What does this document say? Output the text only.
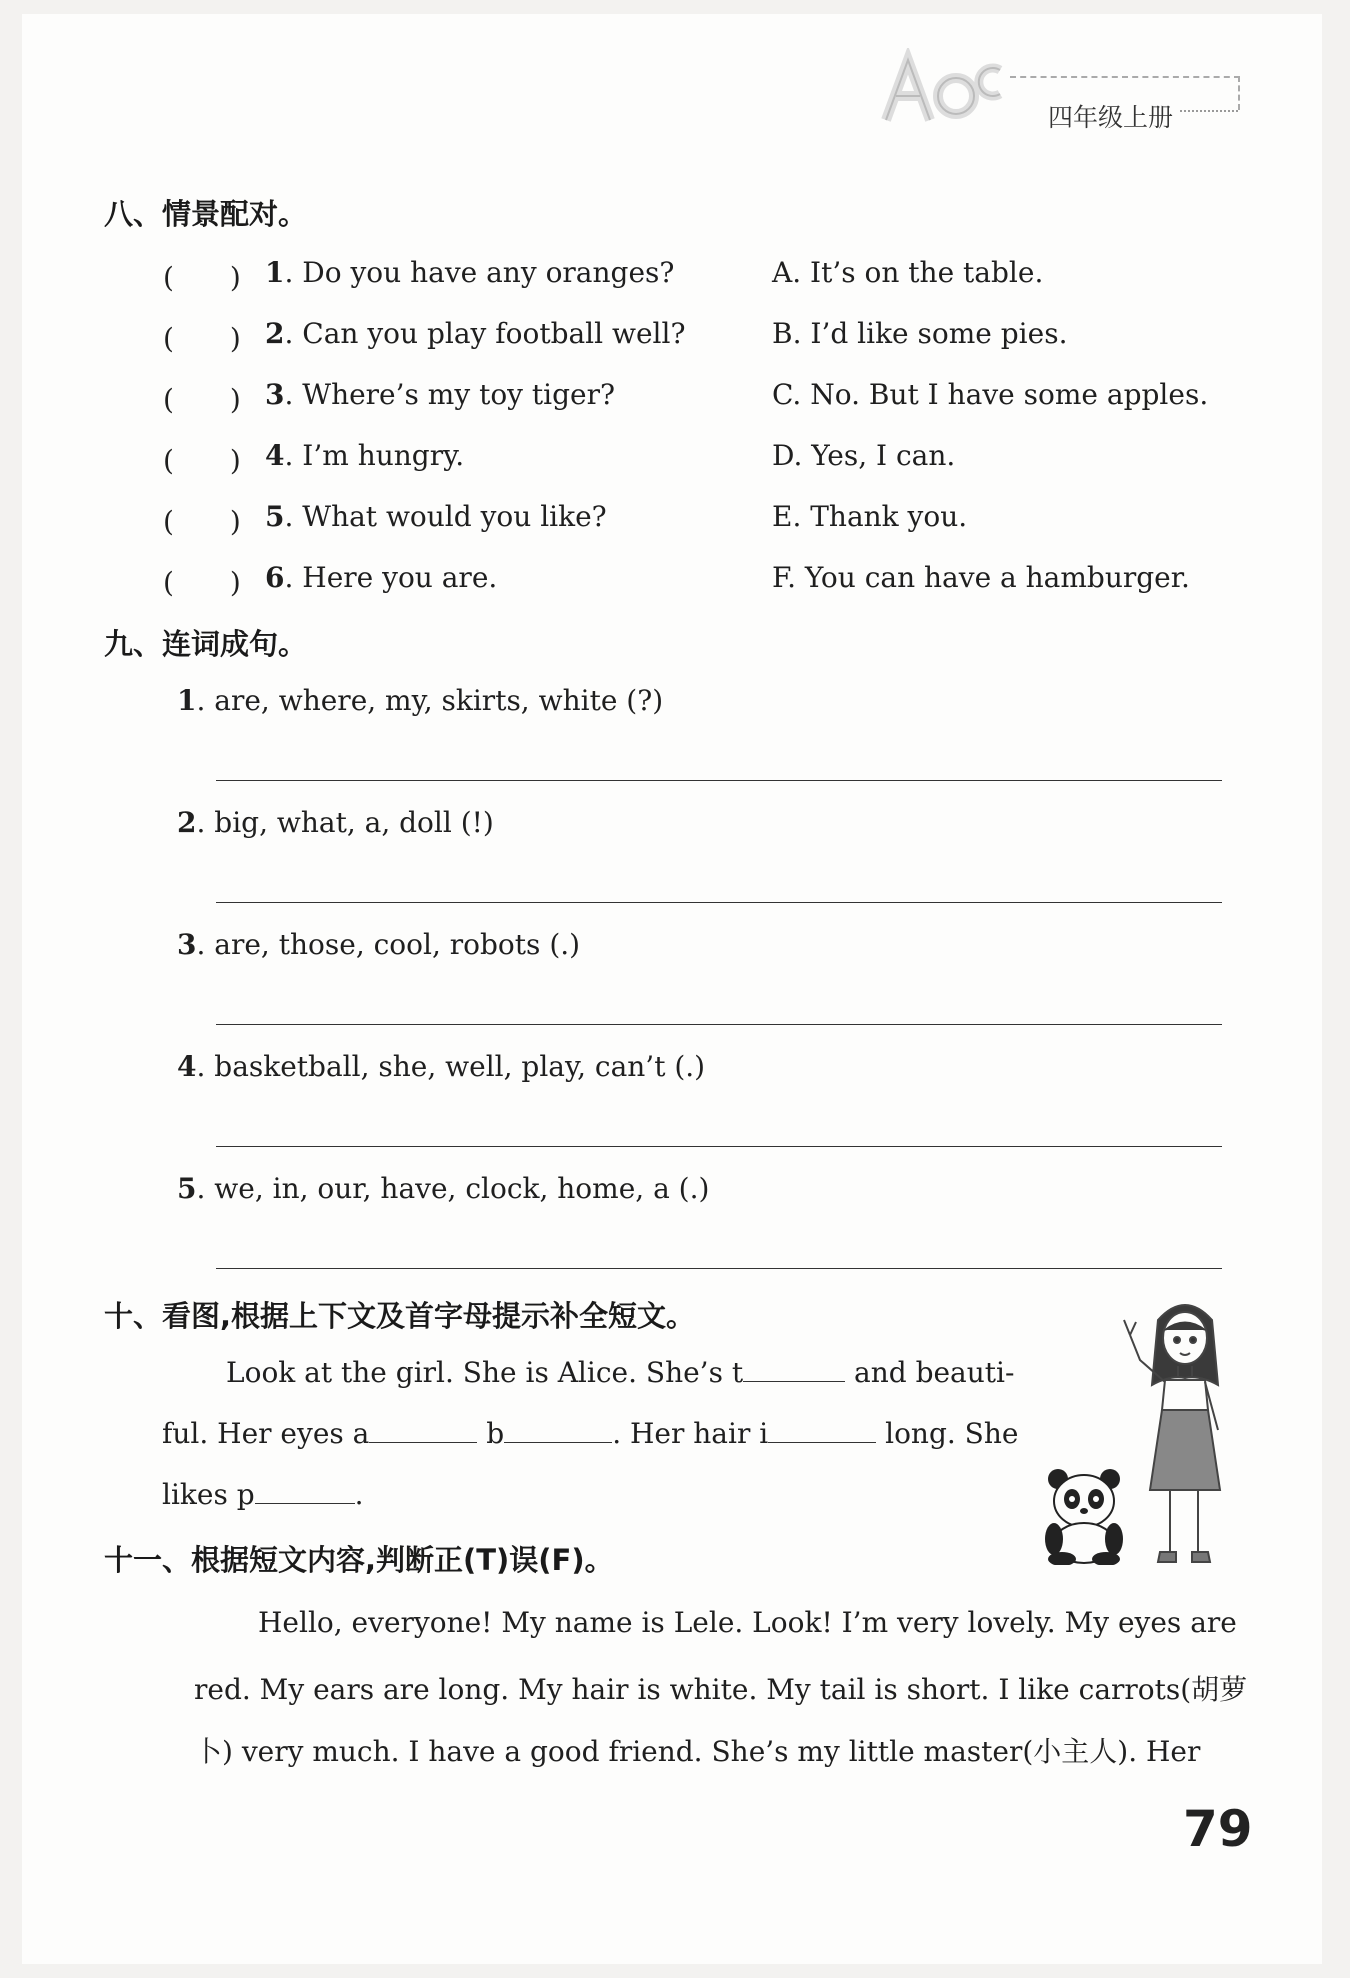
四年级上册
八、情景配对。
(　　) 1. Do you have any oranges?	A. It’s on the table.
(　　) 2. Can you play football well?	B. I’d like some pies.
(　　) 3. Where’s my toy tiger?	C. No. But I have some apples.
(　　) 4. I’m hungry.	D. Yes, I can.
(　　) 5. What would you like?	E. Thank you.
(　　) 6. Here you are.	F. You can have a hamburger.
九、连词成句。
1. are, where, my, skirts, white (?)
2. big, what, a, doll (!)
3. are, those, cool, robots (.)
4. basketball, she, well, play, can’t (.)
5. we, in, our, have, clock, home, a (.)
十、看图,根据上下文及首字母提示补全短文。
Look at the girl. She is Alice. She’s t	and beauti-
ful. Her eyes a	b	. Her hair i	long. She
likes p	.
十一、根据短文内容,判断正(T)误(F)。
Hello, everyone! My name is Lele. Look! I’m very lovely. My eyes are
red. My ears are long. My hair is white. My tail is short. I like carrots(胡萝
卜) very much. I have a good friend. She’s my little master(小主人). Her
79
